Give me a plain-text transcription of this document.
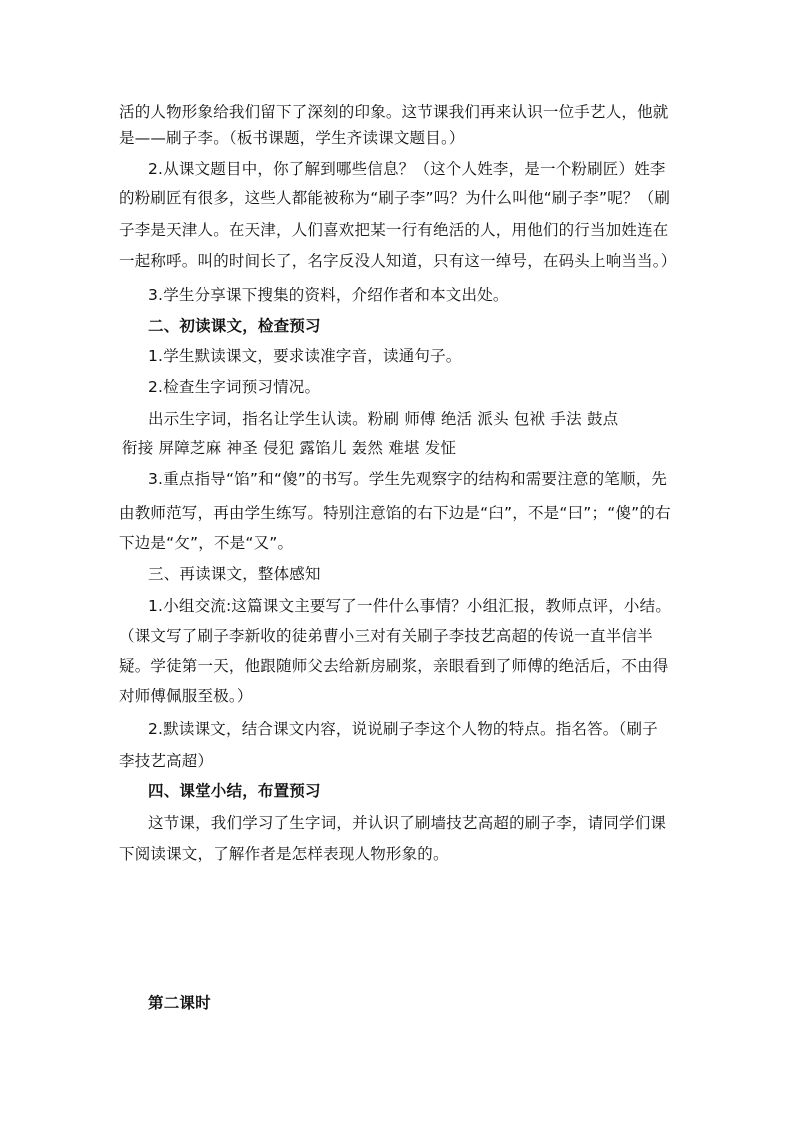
活的人物形象给我们留下了深刻的印象。这节课我们再来认识一位手艺人，他就
是——刷子李。（板书课题，学生齐读课文题目。）
2.从课文题目中，你了解到哪些信息？（这个人姓李，是一个粉刷匠）姓李
的粉刷匠有很多，这些人都能被称为“刷子李”吗？为什么叫他“刷子李”呢？（刷
子李是天津人。在天津，人们喜欢把某一行有绝活的人，用他们的行当加姓连在
一起称呼。叫的时间长了，名字反没人知道，只有这一绰号，在码头上响当当。）
3.学生分享课下搜集的资料，介绍作者和本文出处。
二、初读课文，检查预习
1.学生默读课文，要求读准字音，读通句子。
2.检查生字词预习情况。
出示生字词，指名让学生认读。粉刷 师傅 绝活 派头 包袱 手法 鼓点
衔接 屏障芝麻 神圣 侵犯 露馅儿 轰然 难堪 发怔
3.重点指导“馅”和“傻”的书写。学生先观察字的结构和需要注意的笔顺，先
由教师范写，再由学生练写。特别注意馅的右下边是“臼”，不是“曰”；“傻”的右
下边是“攵”，不是“又”。
三、再读课文，整体感知
1.小组交流:这篇课文主要写了一件什么事情？小组汇报，教师点评，小结。
（课文写了刷子李新收的徒弟曹小三对有关刷子李技艺高超的传说一直半信半
疑。学徒第一天，他跟随师父去给新房刷浆，亲眼看到了师傅的绝活后，不由得
对师傅佩服至极。）
2.默读课文，结合课文内容，说说刷子李这个人物的特点。指名答。（刷子
李技艺高超）
四、课堂小结，布置预习
这节课，我们学习了生字词，并认识了刷墙技艺高超的刷子李，请同学们课
下阅读课文，了解作者是怎样表现人物形象的。
第二课时
